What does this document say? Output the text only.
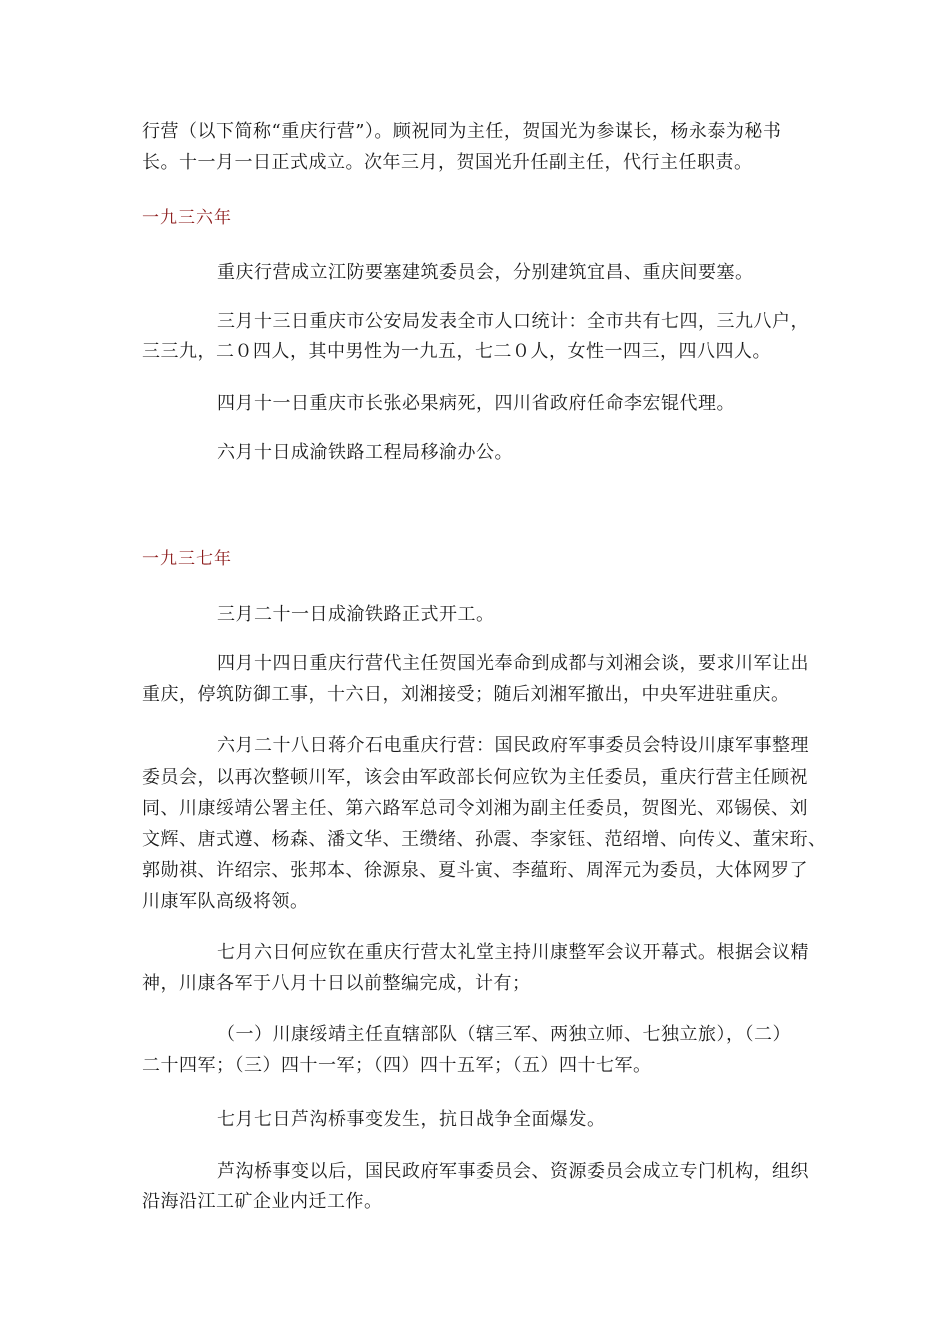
行营（以下简称“重庆行营”）。顾祝同为主任，贺国光为参谋长，杨永泰为秘书
长。十一月一日正式成立。次年三月，贺国光升任副主任，代行主任职责。
一九三六年
重庆行营成立江防要塞建筑委员会，分别建筑宜昌、重庆间要塞。
三月十三日重庆市公安局发表全市人口统计：全市共有七四，三九八户，
三三九，二０四人，其中男性为一九五，七二０人，女性一四三，四八四人。
四月十一日重庆市长张必果病死，四川省政府任命李宏锟代理。
六月十日成渝铁路工程局移渝办公。
一九三七年
三月二十一日成渝铁路正式开工。
四月十四日重庆行营代主任贺国光奉命到成都与刘湘会谈，要求川军让出
重庆，停筑防御工事，十六日，刘湘接受；随后刘湘军撤出，中央军进驻重庆。
六月二十八日蒋介石电重庆行营：国民政府军事委员会特设川康军事整理
委员会，以再次整顿川军，该会由军政部长何应钦为主任委员，重庆行营主任顾祝
同、川康绥靖公署主任、第六路军总司令刘湘为副主任委员，贺图光、邓锡侯、刘
文辉、唐式遵、杨森、潘文华、王缵绪、孙震、李家钰、范绍增、向传义、董宋珩、
郭勋祺、许绍宗、张邦本、徐源泉、夏斗寅、李蕴珩、周浑元为委员，大体网罗了
川康军队高级将领。
七月六日何应钦在重庆行营太礼堂主持川康整军会议开幕式。根据会议精
神，川康各军于八月十日以前整编完成，计有；
（一）川康绥靖主任直辖部队（辖三军、两独立师、七独立旅），（二）
二十四军；（三）四十一军；（四）四十五军；（五）四十七军。
七月七日芦沟桥事变发生，抗日战争全面爆发。
芦沟桥事变以后，国民政府军事委员会、资源委员会成立专门机构，组织
沿海沿江工矿企业内迁工作。
